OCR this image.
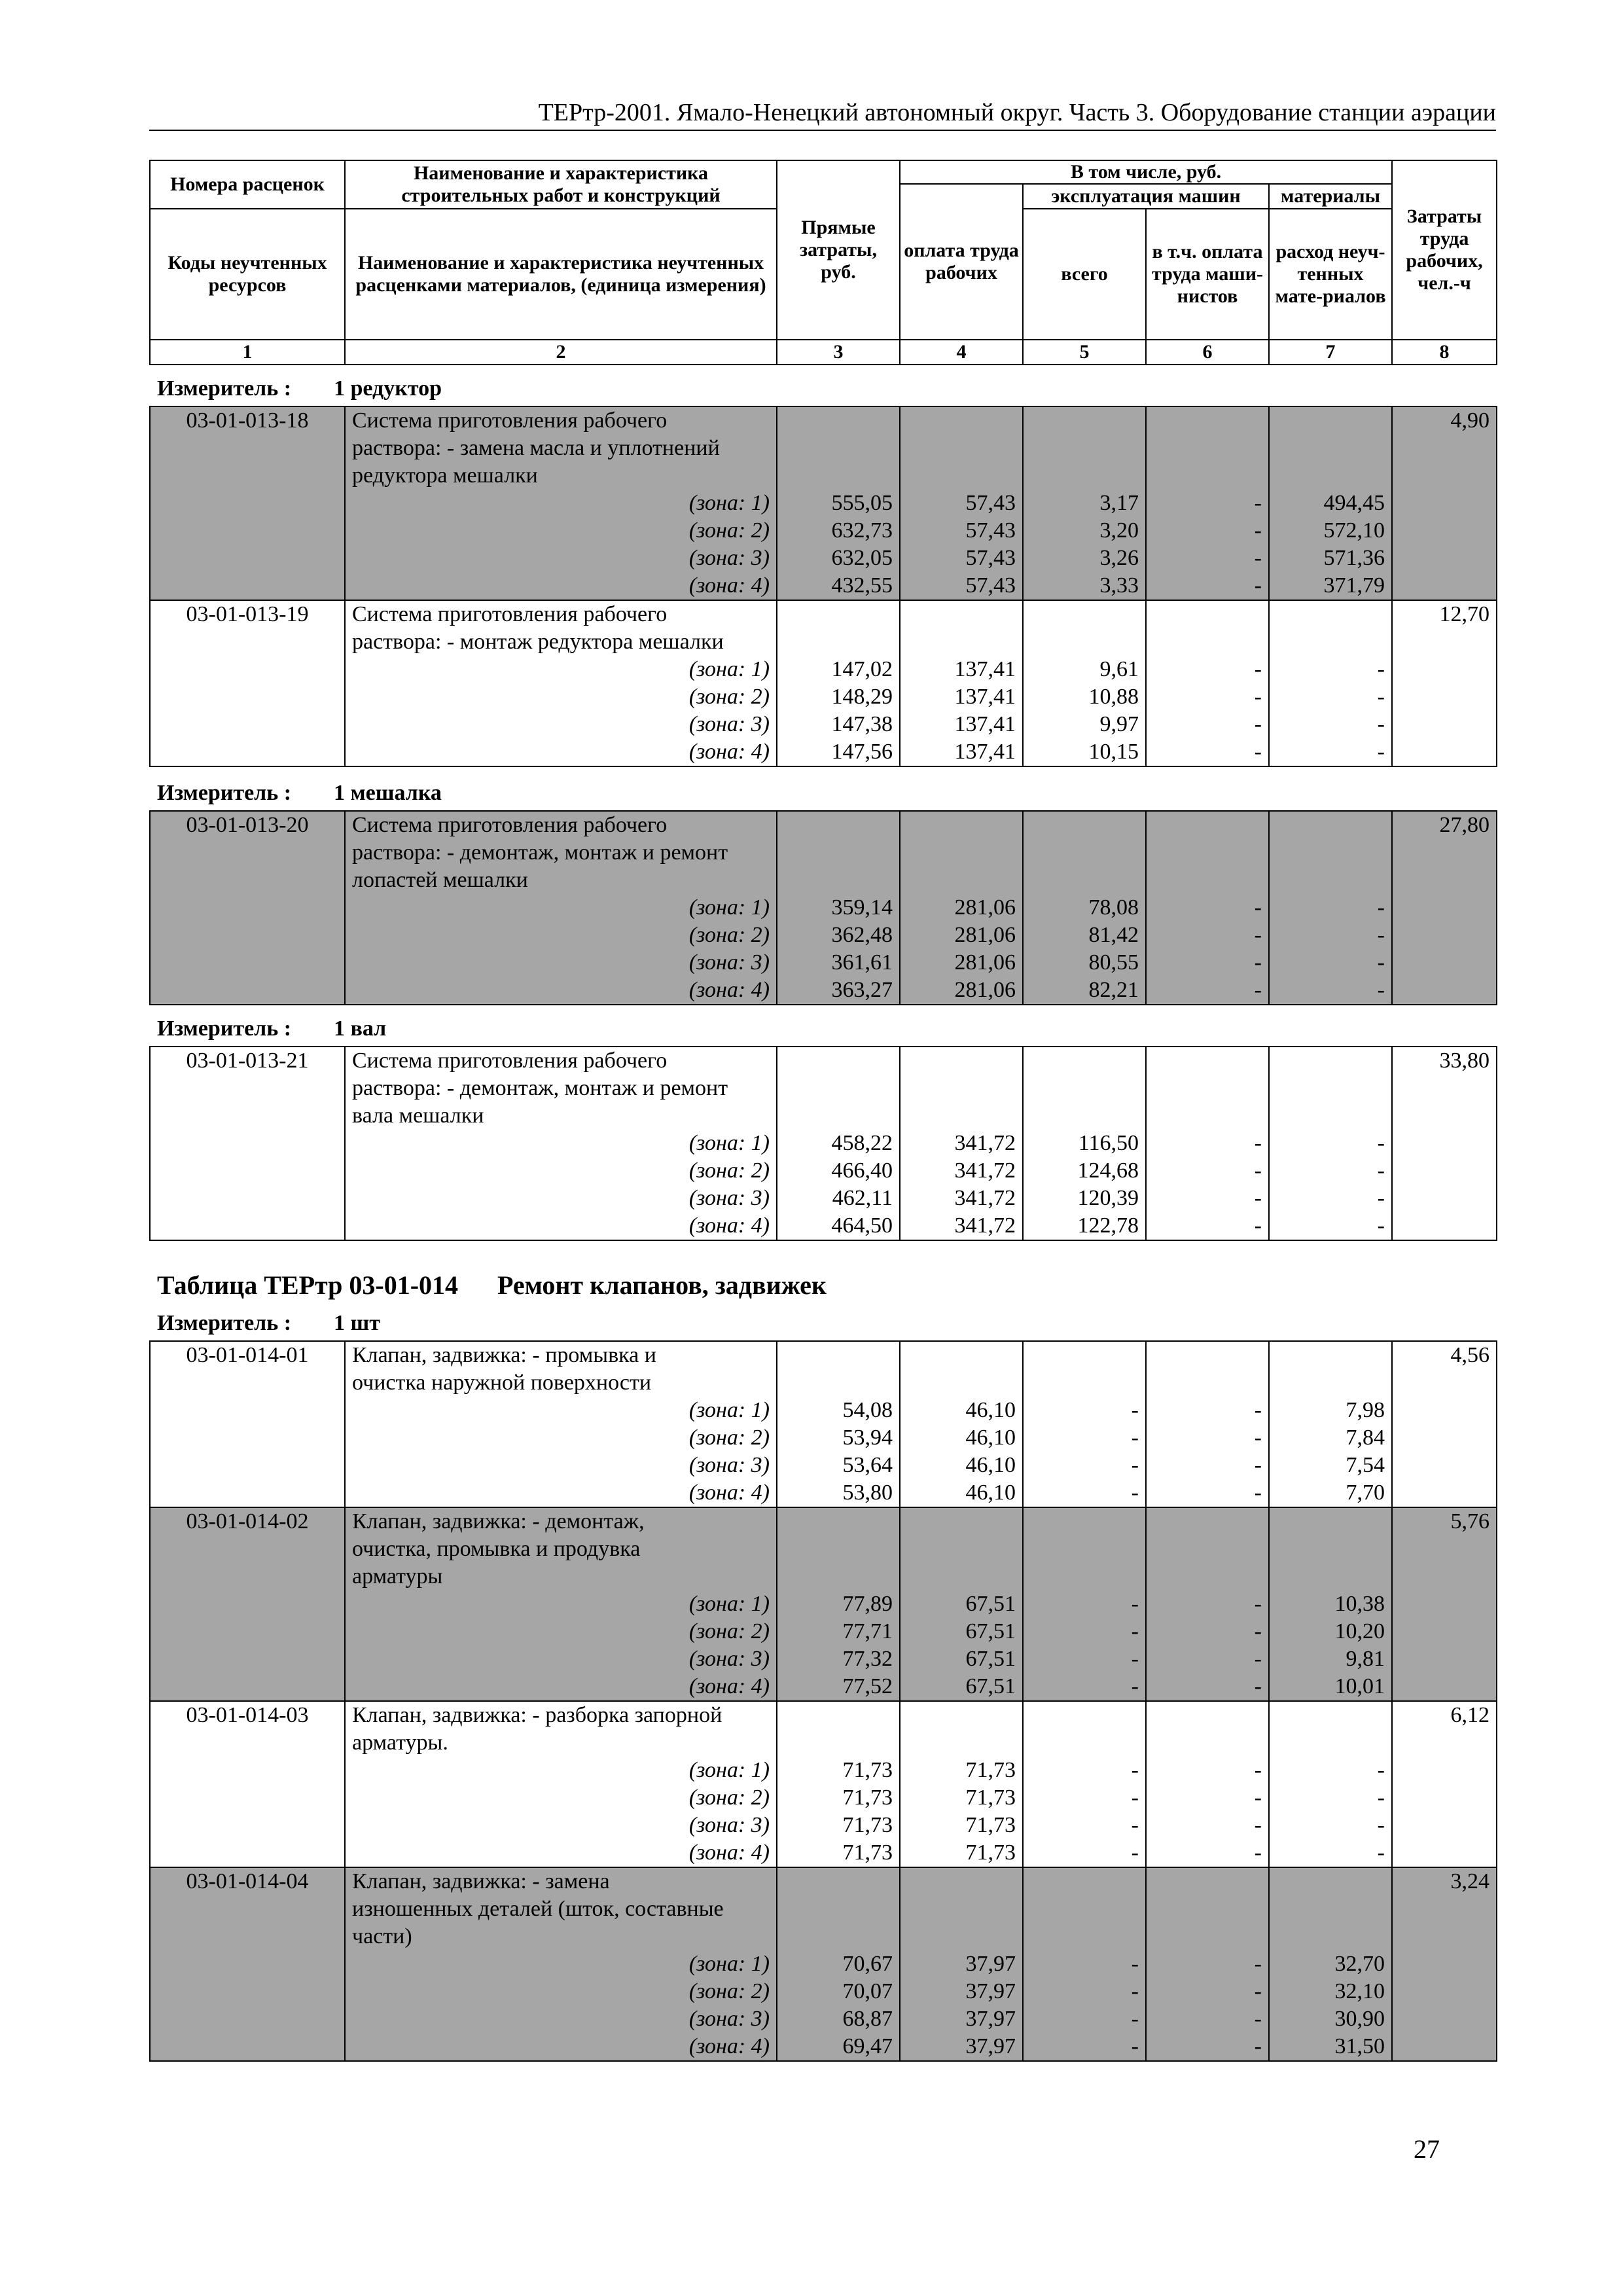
ТЕРтр-2001. Ямало-Ненецкий автономный округ. Часть 3. Оборудование станции аэрации
Номера расценок	Наименование и характеристика строительных работ и конструкций	Прямые затраты, руб.	В том числе, руб.				Затраты труда рабочих, чел.-ч
			оплата труда рабочих	эксплуатация машин		материалы	
Коды неучтенных ресурсов	Наименование и характеристика неучтенных расценками материалов, (единица измерения)			всего	в т.ч. оплата труда маши-нистов	расход неуч-тенных мате-риалов	

1	2	3	4	5	6	7	8
Измеритель : 1 редуктор
03-01-013-18	Система приготовления рабочего						4,90
	раствора: - замена масла и уплотнений						
	редуктора мешалки						
	(зона: 1)	555,05	57,43	3,17	-	494,45	
	(зона: 2)	632,73	57,43	3,20	-	572,10	
	(зона: 3)	632,05	57,43	3,26	-	571,36	
	(зона: 4)	432,55	57,43	3,33	-	371,79	
03-01-013-19	Система приготовления рабочего						12,70
	раствора: - монтаж редуктора мешалки						
	(зона: 1)	147,02	137,41	9,61	-	-	
	(зона: 2)	148,29	137,41	10,88	-	-	
	(зона: 3)	147,38	137,41	9,97	-	-	
	(зона: 4)	147,56	137,41	10,15	-	-	
Измеритель : 1 мешалка
03-01-013-20	Система приготовления рабочего						27,80
	раствора: - демонтаж, монтаж и ремонт						
	лопастей мешалки						
	(зона: 1)	359,14	281,06	78,08	-	-	
	(зона: 2)	362,48	281,06	81,42	-	-	
	(зона: 3)	361,61	281,06	80,55	-	-	
	(зона: 4)	363,27	281,06	82,21	-	-	
Измеритель : 1 вал
03-01-013-21	Система приготовления рабочего						33,80
	раствора: - демонтаж, монтаж и ремонт						
	вала мешалки						
	(зона: 1)	458,22	341,72	116,50	-	-	
	(зона: 2)	466,40	341,72	124,68	-	-	
	(зона: 3)	462,11	341,72	120,39	-	-	
	(зона: 4)	464,50	341,72	122,78	-	-	
Таблица ТЕРтр 03-01-014 Ремонт клапанов, задвижек
Измеритель : 1 шт
03-01-014-01	Клапан, задвижка: - промывка и						4,56
	очистка наружной поверхности						
	(зона: 1)	54,08	46,10	-	-	7,98	
	(зона: 2)	53,94	46,10	-	-	7,84	
	(зона: 3)	53,64	46,10	-	-	7,54	
	(зона: 4)	53,80	46,10	-	-	7,70	
03-01-014-02	Клапан, задвижка: - демонтаж,						5,76
	очистка, промывка и продувка						
	арматуры						
	(зона: 1)	77,89	67,51	-	-	10,38	
	(зона: 2)	77,71	67,51	-	-	10,20	
	(зона: 3)	77,32	67,51	-	-	9,81	
	(зона: 4)	77,52	67,51	-	-	10,01	
03-01-014-03	Клапан, задвижка: - разборка запорной						6,12
	арматуры.						
	(зона: 1)	71,73	71,73	-	-	-	
	(зона: 2)	71,73	71,73	-	-	-	
	(зона: 3)	71,73	71,73	-	-	-	
	(зона: 4)	71,73	71,73	-	-	-	
03-01-014-04	Клапан, задвижка: - замена						3,24
	изношенных деталей (шток, составные						
	части)						
	(зона: 1)	70,67	37,97	-	-	32,70	
	(зона: 2)	70,07	37,97	-	-	32,10	
	(зона: 3)	68,87	37,97	-	-	30,90	
	(зона: 4)	69,47	37,97	-	-	31,50	
27
